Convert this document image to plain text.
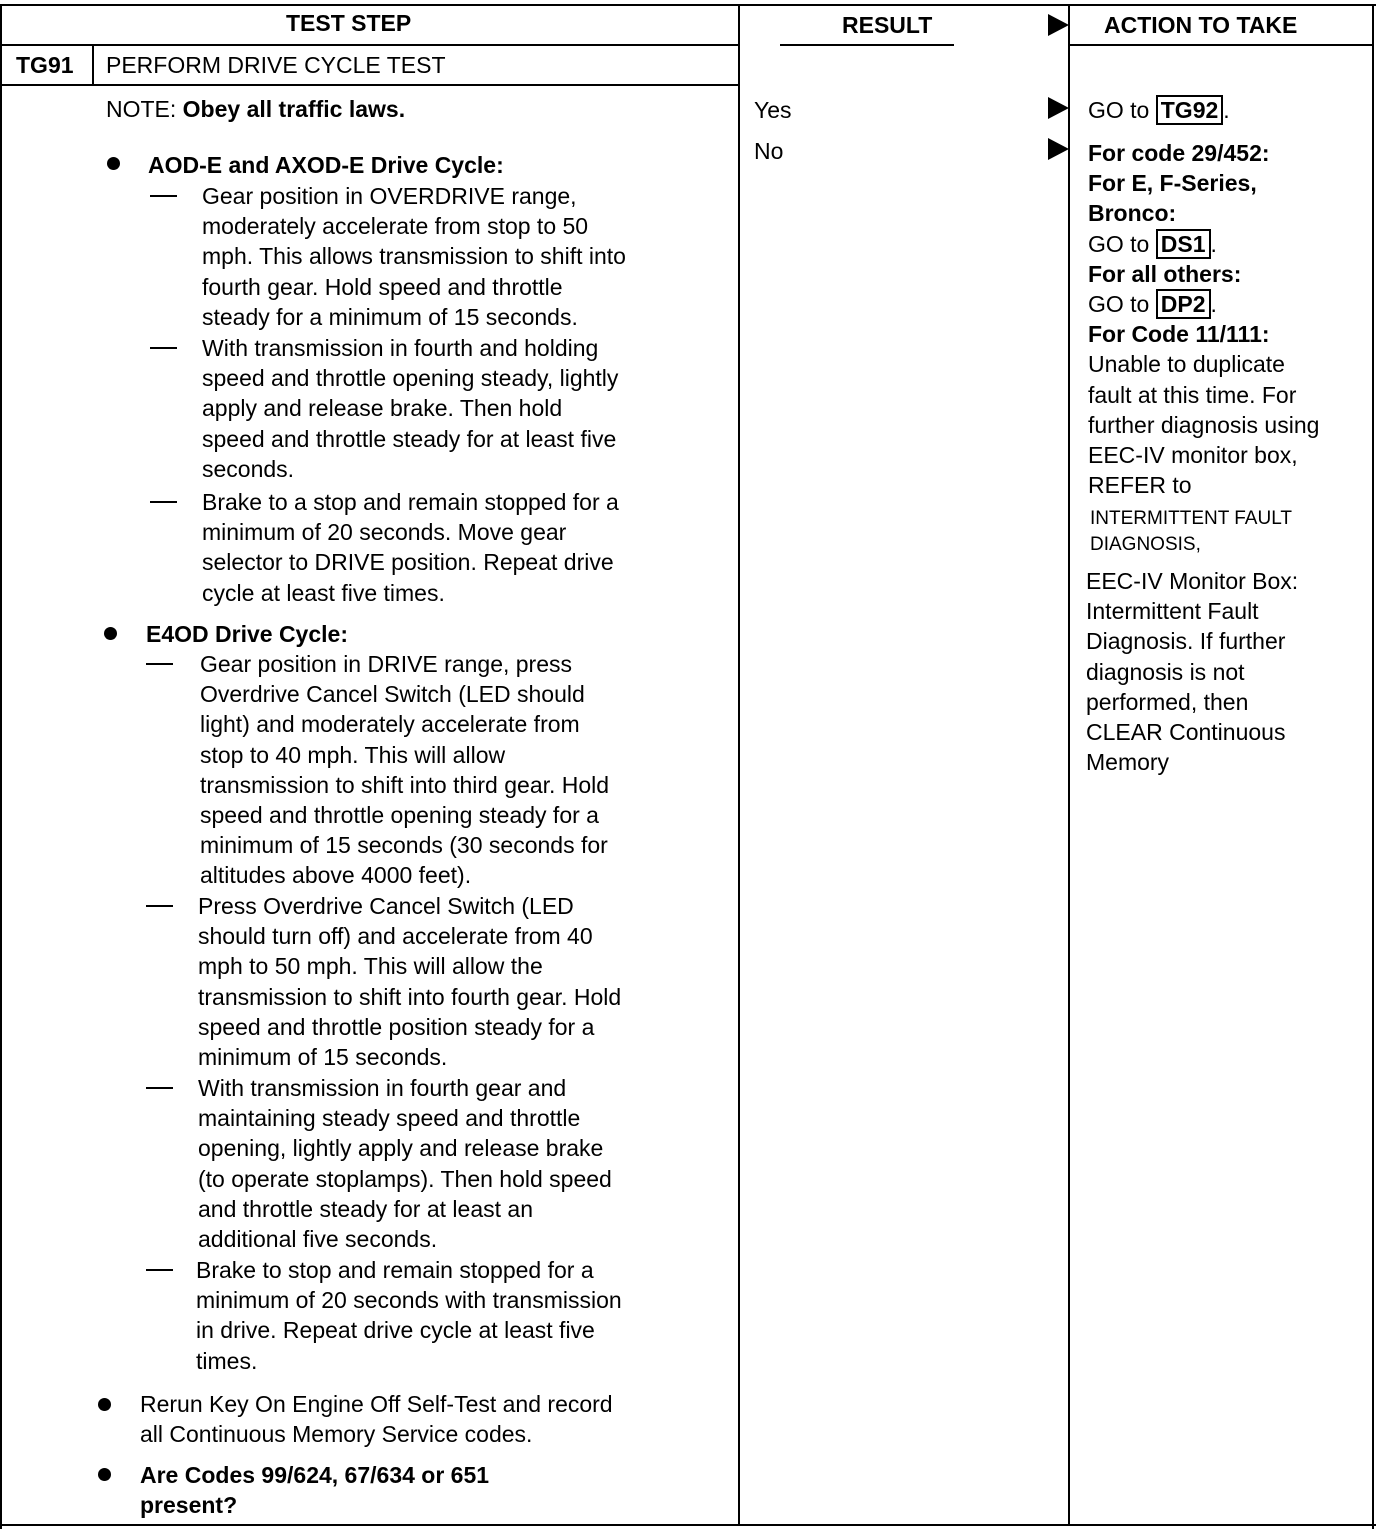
TEST STEP	RESULT	ACTION TO TAKE
TG91 PERFORM DRIVE CYCLE TEST
NOTE: Obey all traffic laws.
AOD-E and AXOD-E Drive Cycle:
Gear position in OVERDRIVE range,
moderately accelerate from stop to 50
mph. This allows transmission to shift into
fourth gear. Hold speed and throttle
steady for a minimum of 15 seconds.
With transmission in fourth and holding
speed and throttle opening steady, lightly
apply and release brake. Then hold
speed and throttle steady for at least five
seconds.
Brake to a stop and remain stopped for a
minimum of 20 seconds. Move gear
selector to DRIVE position. Repeat drive
cycle at least five times.
E4OD Drive Cycle:
Gear position in DRIVE range, press
Overdrive Cancel Switch (LED should
light) and moderately accelerate from
stop to 40 mph. This will allow
transmission to shift into third gear. Hold
speed and throttle opening steady for a
minimum of 15 seconds (30 seconds for
altitudes above 4000 feet).
Press Overdrive Cancel Switch (LED
should turn off) and accelerate from 40
mph to 50 mph. This will allow the
transmission to shift into fourth gear. Hold
speed and throttle position steady for a
minimum of 15 seconds.
With transmission in fourth gear and
maintaining steady speed and throttle
opening, lightly apply and release brake
(to operate stoplamps). Then hold speed
and throttle steady for at least an
additional five seconds.
Brake to stop and remain stopped for a
minimum of 20 seconds with transmission
in drive. Repeat drive cycle at least five
times.
Rerun Key On Engine Off Self-Test and record
all Continuous Memory Service codes.
Are Codes 99/624, 67/634 or 651
present?
Yes
No
GO to TG92 .
For code 29/452:
For E, F-Series,
Bronco:
GO to DS1 .
For all others:
GO to DP2 .
For Code 11/111:
Unable to duplicate
fault at this time. For
further diagnosis using
EEC-IV monitor box,
REFER to
INTERMITTENT FAULT
DIAGNOSIS,
EEC-IV Monitor Box:
Intermittent Fault
Diagnosis. If further
diagnosis is not
performed, then
CLEAR Continuous
Memory
